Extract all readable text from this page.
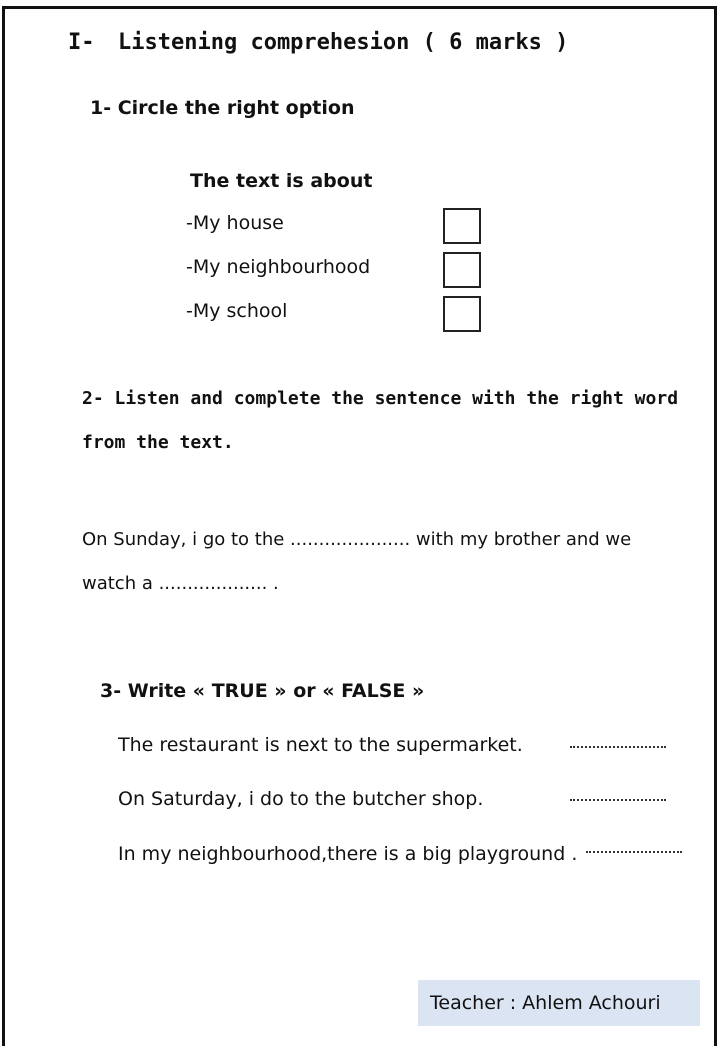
I- Listening comprehesion ( 6 marks )
1- Circle the right option
The text is about
-My house
-My neighbourhood
-My school
2- Listen and complete the sentence with the right word
from the text.
On Sunday, i go to the ..................... with my brother and we
watch a ................... .
3- Write « TRUE » or « FALSE »
The restaurant is next to the supermarket.
On Saturday, i do to the butcher shop.
In my neighbourhood,there is a big playground .
Teacher : Ahlem Achouri
